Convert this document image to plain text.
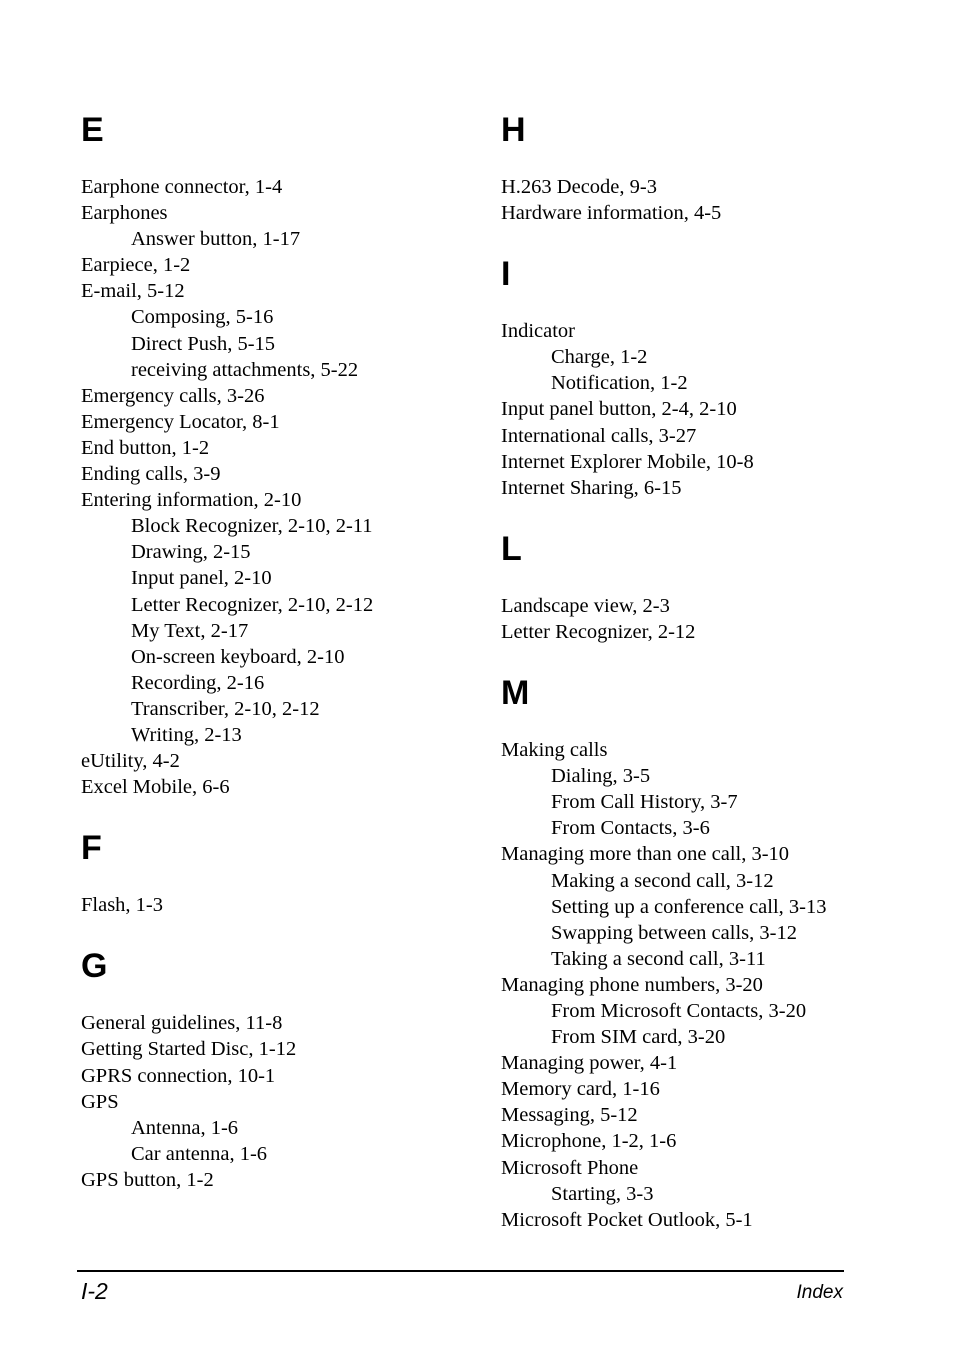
E
Earphone connector, 1-4
Earphones
Answer button, 1-17
Earpiece, 1-2
E-mail, 5-12
Composing, 5-16
Direct Push, 5-15
receiving attachments, 5-22
Emergency calls, 3-26
Emergency Locator, 8-1
End button, 1-2
Ending calls, 3-9
Entering information, 2-10
Block Recognizer, 2-10, 2-11
Drawing, 2-15
Input panel, 2-10
Letter Recognizer, 2-10, 2-12
My Text, 2-17
On-screen keyboard, 2-10
Recording, 2-16
Transcriber, 2-10, 2-12
Writing, 2-13
eUtility, 4-2
Excel Mobile, 6-6
F
Flash, 1-3
G
General guidelines, 11-8
Getting Started Disc, 1-12
GPRS connection, 10-1
GPS
Antenna, 1-6
Car antenna, 1-6
GPS button, 1-2
H
H.263 Decode, 9-3
Hardware information, 4-5
I
Indicator
Charge, 1-2
Notification, 1-2
Input panel button, 2-4, 2-10
International calls, 3-27
Internet Explorer Mobile, 10-8
Internet Sharing, 6-15
L
Landscape view, 2-3
Letter Recognizer, 2-12
M
Making calls
Dialing, 3-5
From Call History, 3-7
From Contacts, 3-6
Managing more than one call, 3-10
Making a second call, 3-12
Setting up a conference call, 3-13
Swapping between calls, 3-12
Taking a second call, 3-11
Managing phone numbers, 3-20
From Microsoft Contacts, 3-20
From SIM card, 3-20
Managing power, 4-1
Memory card, 1-16
Messaging, 5-12
Microphone, 1-2, 1-6
Microsoft Phone
Starting, 3-3
Microsoft Pocket Outlook, 5-1
I-2	Index
